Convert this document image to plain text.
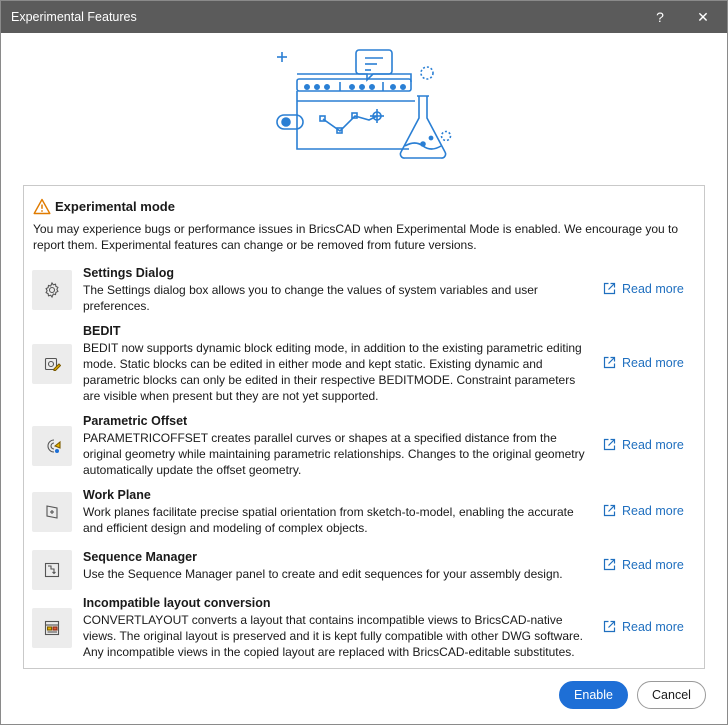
Experimental Features	?	✕
Experimental mode
You may experience bugs or performance issues in BricsCAD when Experimental Mode is enabled. We encourage you to report them. Experimental features can change or be removed from future versions.
Settings Dialog
The Settings dialog box allows you to change the values of system variables and user preferences.
Read more
BEDIT
BEDIT now supports dynamic block editing mode, in addition to the existing parametric editing mode. Static blocks can be edited in either mode and kept static. Existing dynamic and parametric blocks can only be edited in their respective BEDITMODE. Constraint parameters are visible when present but they are not yet supported.
Read more
Parametric Offset
PARAMETRICOFFSET creates parallel curves or shapes at a specified distance from the original geometry while maintaining parametric relationships. Changes to the original geometry automatically update the offset geometry.
Read more
Work Plane
Work planes facilitate precise spatial orientation from sketch-to-model, enabling the accurate and efficient design and modeling of complex objects.
Read more
Sequence Manager
Use the Sequence Manager panel to create and edit sequences for your assembly design.
Read more
Incompatible layout conversion
CONVERTLAYOUT converts a layout that contains incompatible views to BricsCAD-native views. The original layout is preserved and it is kept fully compatible with other DWG software. Any incompatible views in the copied layout are replaced with BricsCAD-editable substitutes.
Read more
Enable	Cancel
